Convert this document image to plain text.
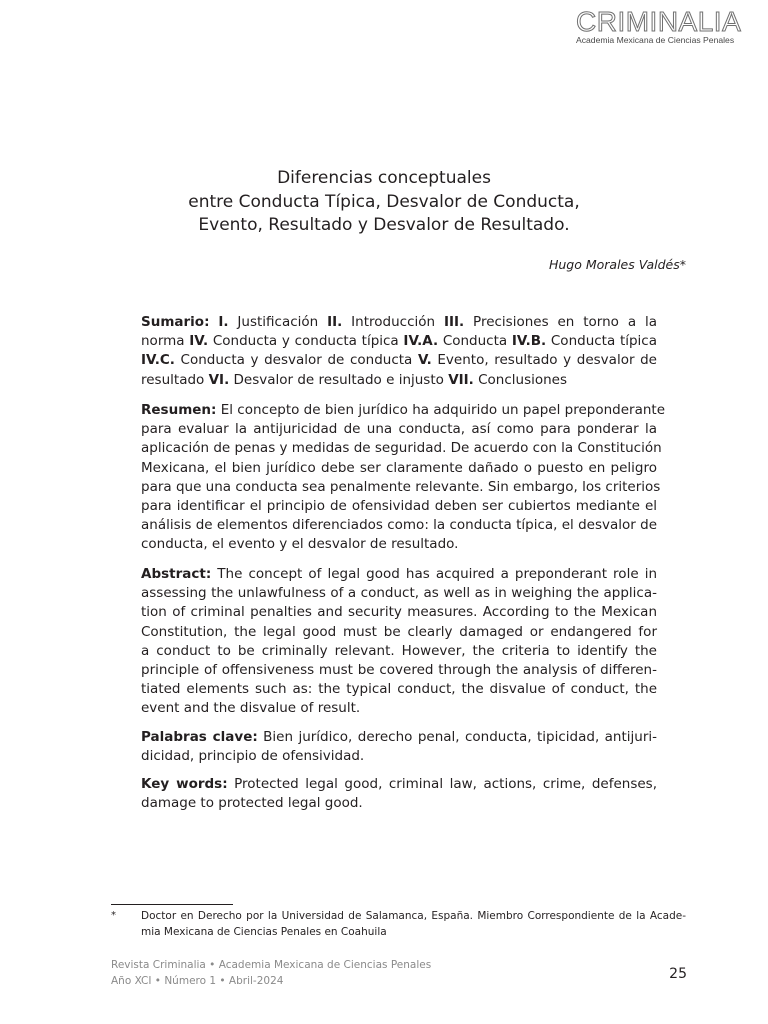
CRIMINALIA
Academia Mexicana de Ciencias Penales
Diferencias conceptuales
entre Conducta Típica, Desvalor de Conducta,
Evento, Resultado y Desvalor de Resultado.
Hugo Morales Valdés*
Sumario: I. Justificación II. Introducción III. Precisiones en torno a la
norma IV. Conducta y conducta típica IV.A. Conducta IV.B. Conducta típica
IV.C. Conducta y desvalor de conducta V. Evento, resultado y desvalor de
resultado VI. Desvalor de resultado e injusto VII. Conclusiones
Resumen: El concepto de bien jurídico ha adquirido un papel preponderante
para evaluar la antijuricidad de una conducta, así como para ponderar la
aplicación de penas y medidas de seguridad. De acuerdo con la Constitución
Mexicana, el bien jurídico debe ser claramente dañado o puesto en peligro
para que una conducta sea penalmente relevante. Sin embargo, los criterios
para identificar el principio de ofensividad deben ser cubiertos mediante el
análisis de elementos diferenciados como: la conducta típica, el desvalor de
conducta, el evento y el desvalor de resultado.
Abstract: The concept of legal good has acquired a preponderant role in
assessing the unlawfulness of a conduct, as well as in weighing the applica-
tion of criminal penalties and security measures. According to the Mexican
Constitution, the legal good must be clearly damaged or endangered for
a conduct to be criminally relevant. However, the criteria to identify the
principle of offensiveness must be covered through the analysis of differen-
tiated elements such as: the typical conduct, the disvalue of conduct, the
event and the disvalue of result.
Palabras clave: Bien jurídico, derecho penal, conducta, tipicidad, antijuri-
dicidad, principio de ofensividad.
Key words: Protected legal good, criminal law, actions, crime, defenses,
damage to protected legal good.
* Doctor en Derecho por la Universidad de Salamanca, España. Miembro Correspondiente de la Acade-
mia Mexicana de Ciencias Penales en Coahuila
Revista Criminalia • Academia Mexicana de Ciencias Penales
Año XCI • Número 1 • Abril-2024	25
